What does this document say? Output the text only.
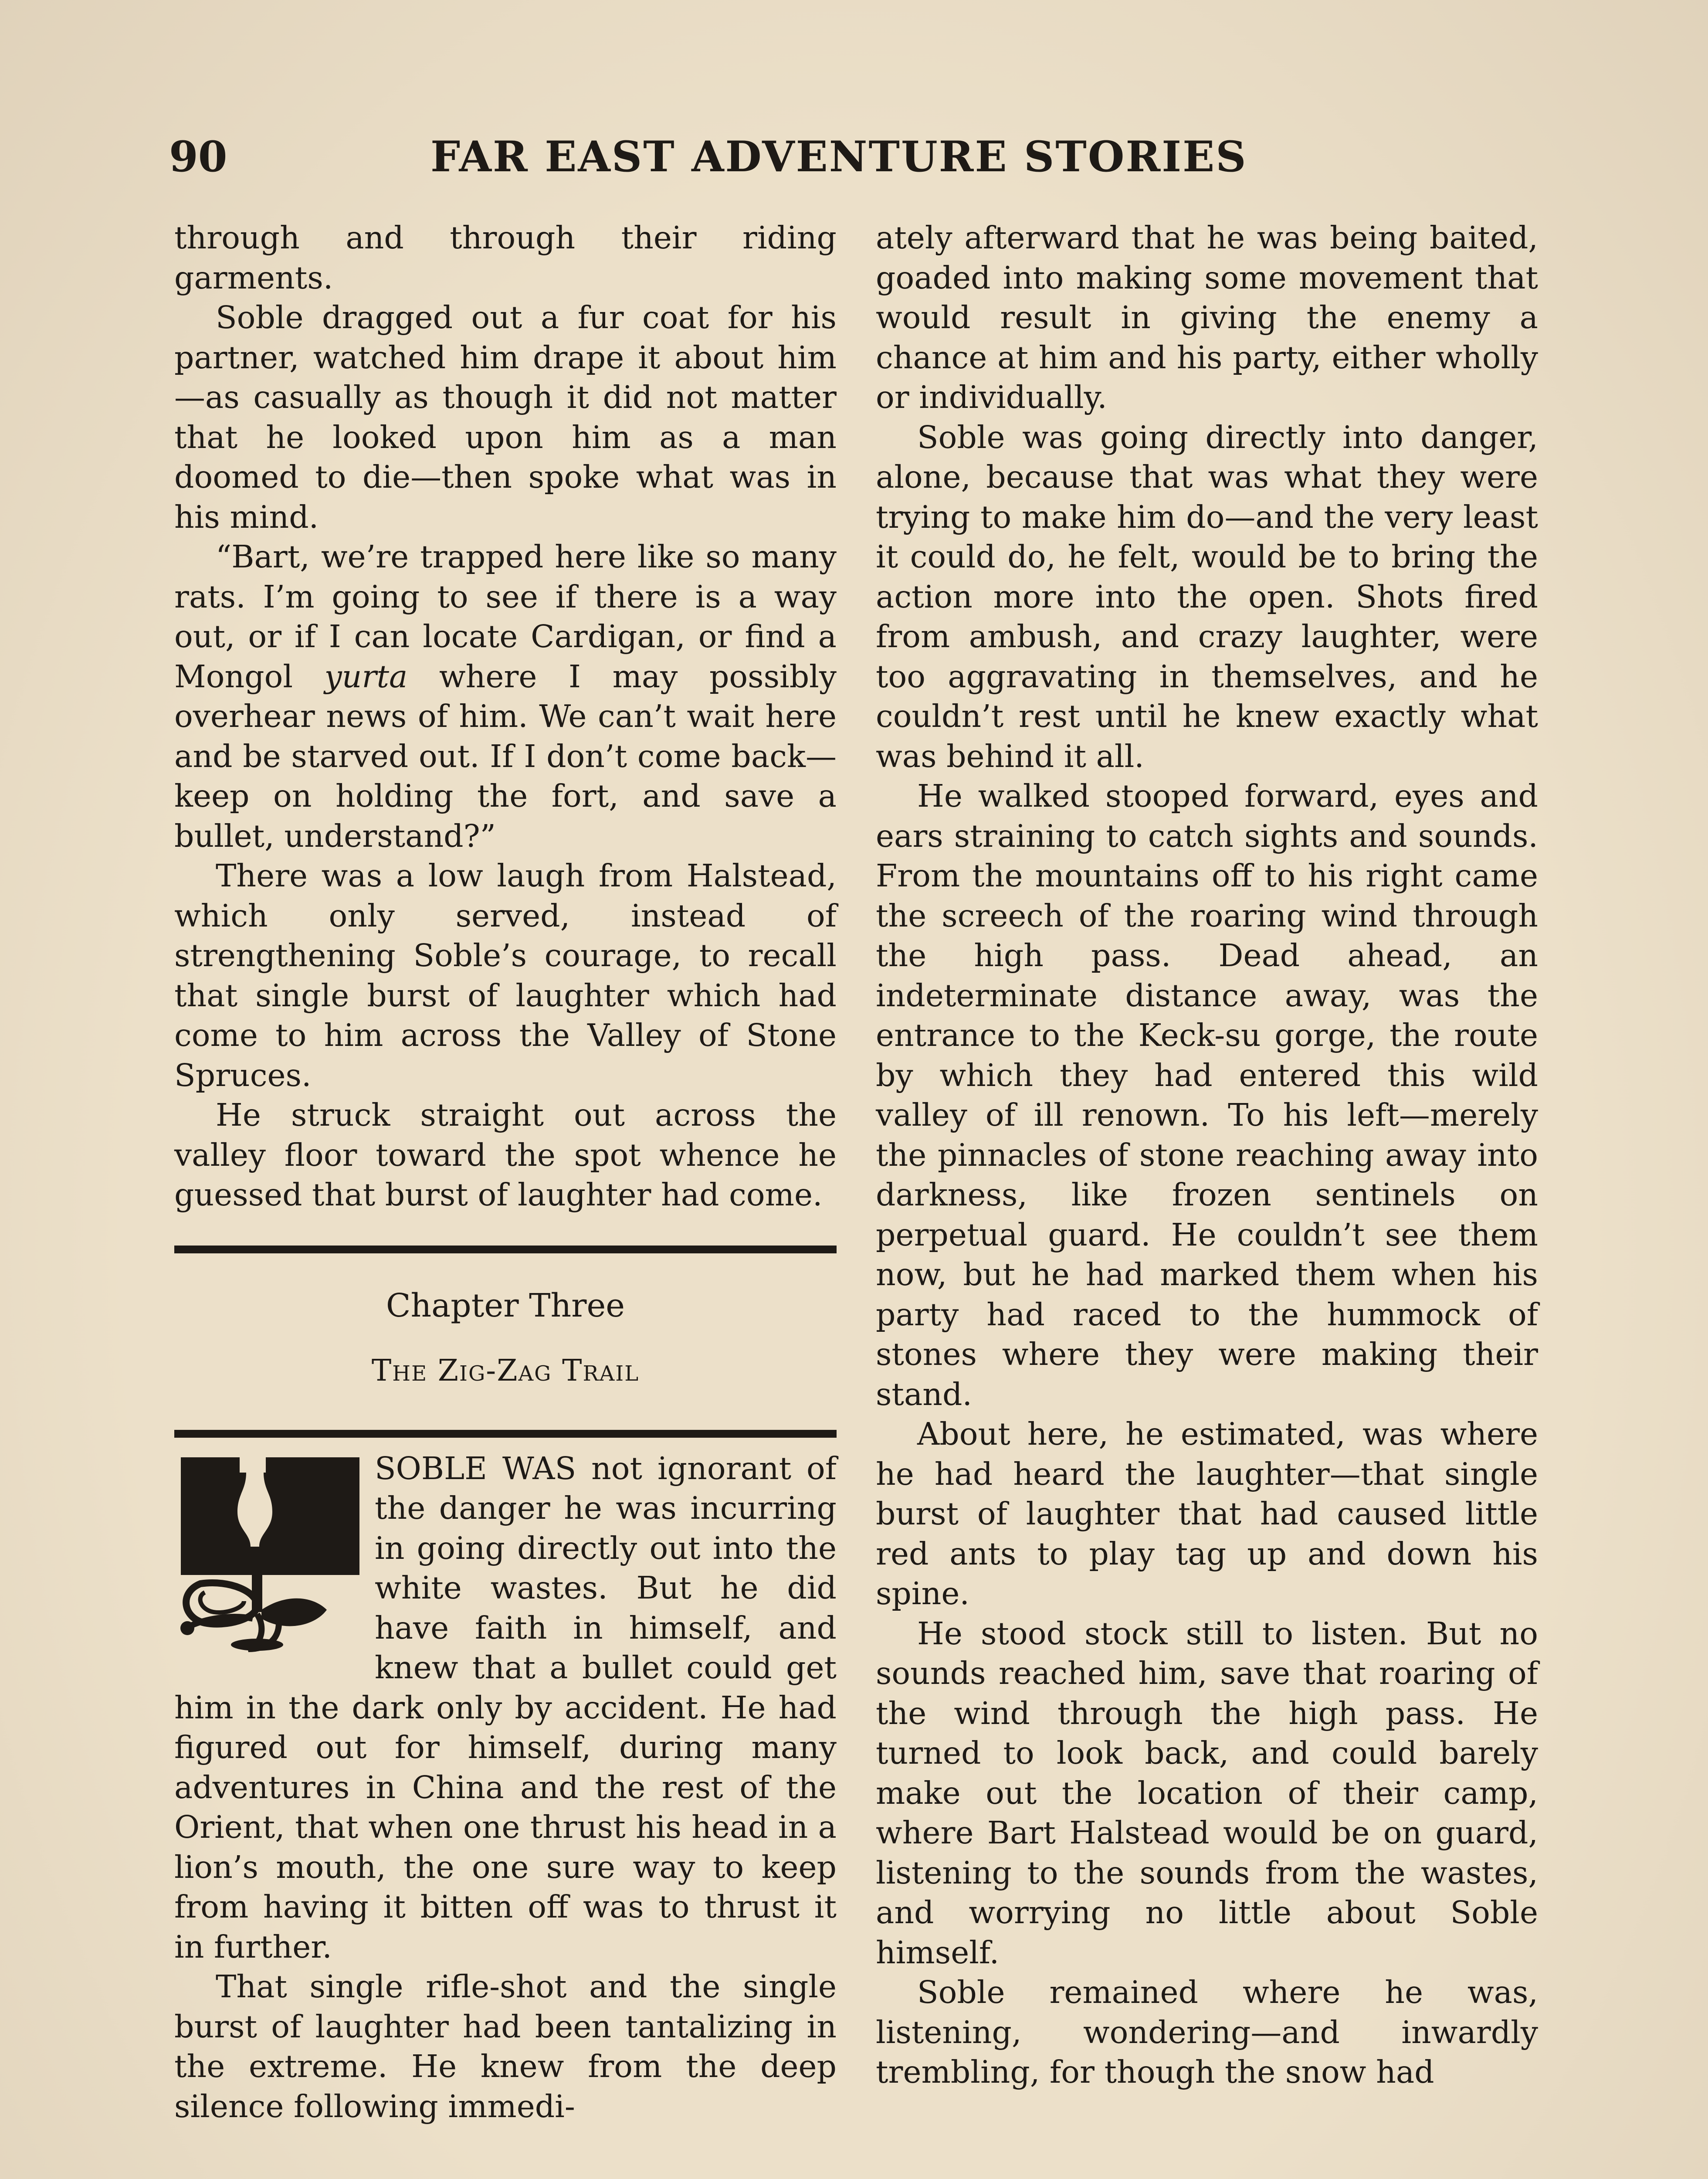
90	FAR EAST ADVENTURE STORIES

through and through their riding garments.

Soble dragged out a fur coat for his partner, watched him drape it about him—as casually as though it did not matter that he looked upon him as a man doomed to die—then spoke what was in his mind.

“Bart, we’re trapped here like so many rats. I’m going to see if there is a way out, or if I can locate Cardigan, or find a Mongol yurta where I may possibly overhear news of him. We can’t wait here and be starved out. If I don’t come back—keep on holding the fort, and save a bullet, understand?”

There was a low laugh from Halstead, which only served, instead of strengthening Soble’s courage, to recall that single burst of laughter which had come to him across the Valley of Stone Spruces.

He struck straight out across the valley floor toward the spot whence he guessed that burst of laughter had come.

Chapter Three
The Zig-Zag Trail

SOBLE WAS not ignorant of the danger he was incurring in going directly out into the white wastes. But he did have faith in himself, and knew that a bullet could get him in the dark only by accident. He had figured out for himself, during many adventures in China and the rest of the Orient, that when one thrust his head in a lion’s mouth, the one sure way to keep from having it bitten off was to thrust it in further.

That single rifle-shot and the single burst of laughter had been tantalizing in the extreme. He knew from the deep silence following immedi-

ately afterward that he was being baited, goaded into making some movement that would result in giving the enemy a chance at him and his party, either wholly or individually.

Soble was going directly into danger, alone, because that was what they were trying to make him do—and the very least it could do, he felt, would be to bring the action more into the open. Shots fired from ambush, and crazy laughter, were too aggravating in themselves, and he couldn’t rest until he knew exactly what was behind it all.

He walked stooped forward, eyes and ears straining to catch sights and sounds. From the mountains off to his right came the screech of the roaring wind through the high pass. Dead ahead, an indeterminate distance away, was the entrance to the Keck-su gorge, the route by which they had entered this wild valley of ill renown. To his left—merely the pinnacles of stone reaching away into darkness, like frozen sentinels on perpetual guard. He couldn’t see them now, but he had marked them when his party had raced to the hummock of stones where they were making their stand.

About here, he estimated, was where he had heard the laughter—that single burst of laughter that had caused little red ants to play tag up and down his spine.

He stood stock still to listen. But no sounds reached him, save that roaring of the wind through the high pass. He turned to look back, and could barely make out the location of their camp, where Bart Halstead would be on guard, listening to the sounds from the wastes, and worrying no little about Soble himself.

Soble remained where he was, listening, wondering—and inwardly trembling, for though the snow had
